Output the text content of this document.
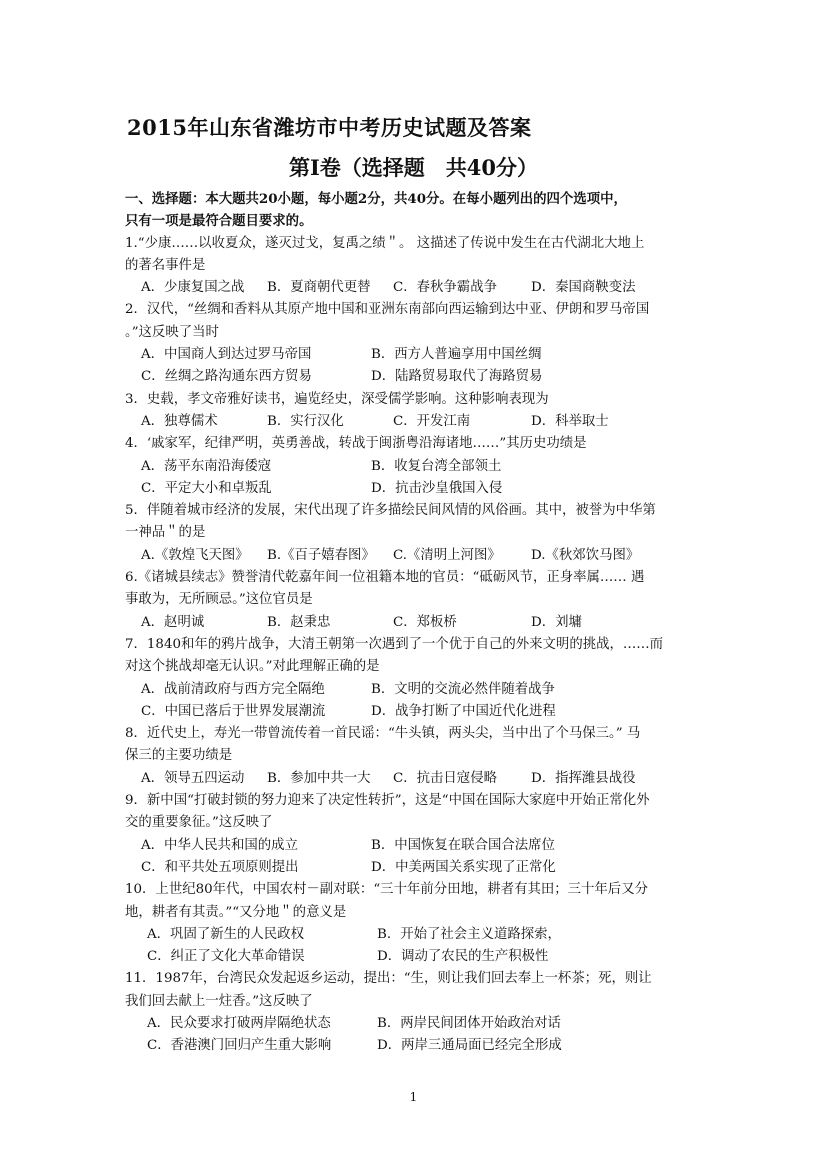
2015年山东省潍坊市中考历史试题及答案
第I卷（选择题　共40分）
一、选择题：本大题共20小题，每小题2分，共40分。在每小题列出的四个选项中，
只有一项是最符合题目要求的。
1.“少康……以收夏众，遂灭过戈，复禹之绩＂。 这描述了传说中发生在古代湖北大地上
的著名事件是
A．少康复国之战 B．夏商朝代更替 C．春秋争霸战争	D．秦国商鞅变法
2．汉代，“丝绸和香料从其原产地中国和亚洲东南部向西运输到达中亚、伊朗和罗马帝国
。”这反映了当时
A．中国商人到达过罗马帝国	B．西方人普遍享用中国丝绸
C．丝绸之路沟通东西方贸易	D．陆路贸易取代了海路贸易
3．史载，孝文帝雅好读书，遍览经史，深受儒学影响。这种影响表现为
A．独尊儒术	B．实行汉化	C．开发江南	D．科举取士
4．‘戚家军，纪律严明，英勇善战，转战于闽浙粤沿海诸地……”其历史功绩是
A．荡平东南沿海倭寇	B．收复台湾全部领土
C．平定大小和卓叛乱	D．抗击沙皇俄国入侵
5．伴随着城市经济的发展，宋代出现了许多描绘民间风情的风俗画。其中，被誉为中华第
一神品＂的是
A.《敦煌飞天图》 B.《百子嬉春图》 C.《清明上河图》 D.《秋郊饮马图》
6.《诸城县续志》赞誉清代乾嘉年间一位祖籍本地的官员：“砥砺风节，正身率属…… 遇
事敢为，无所顾忌。”这位官员是
A．赵明诚	B．赵秉忠	C．郑板桥	D．刘墉
7．1840和年的鸦片战争，大清王朝第一次遇到了一个优于自己的外来文明的挑战，……而
对这个挑战却毫无认识。”对此理解正确的是
A．战前清政府与西方完全隔绝	B．文明的交流必然伴随着战争
C．中国已落后于世界发展潮流	D．战争打断了中国近代化进程
8．近代史上，寿光一带曾流传着一首民谣：“牛头镇，两头尖，当中出了个马保三。” 马
保三的主要功绩是
A．领导五四运动 B．参加中共一大 C．抗击日寇侵略	D．指挥潍县战役
9．新中国“打破封锁的努力迎来了决定性转折”，这是“中国在国际大家庭中开始正常化外
交的重要象征。”这反映了
A．中华人民共和国的成立	B．中国恢复在联合国合法席位
C．和平共处五项原则提出	D．中美两国关系实现了正常化
10．上世纪80年代，中国农村－副对联：“三十年前分田地，耕者有其田；三十年后又分
地，耕者有其责。”“又分地＂的意义是
A．巩固了新生的人民政权	B．开始了社会主义道路探索，
C．纠正了文化大革命错误	D．调动了农民的生产积极性
11．1987年，台湾民众发起返乡运动，提出：“生，则让我们回去奉上一杯茶；死，则让
我们回去献上一炷香。”这反映了
A．民众要求打破两岸隔绝状态	B．两岸民间团体开始政治对话
C．香港澳门回归产生重大影响	D．两岸三通局面已经完全形成
1
